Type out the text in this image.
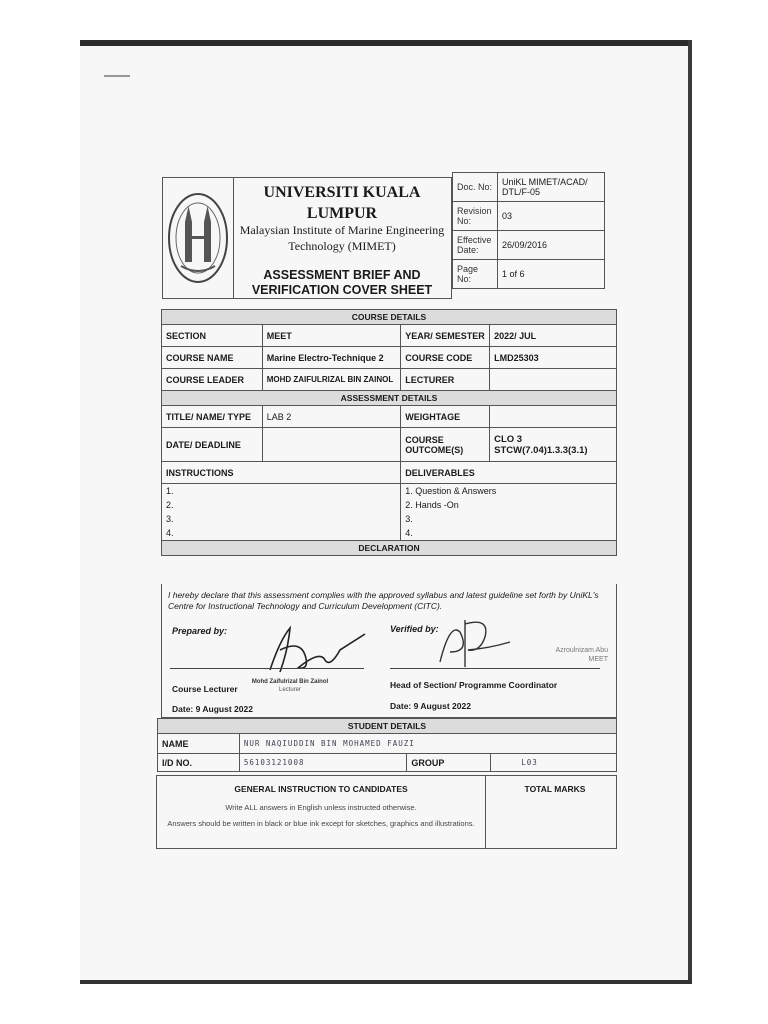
UNIVERSITI KUALA LUMPUR
Malaysian Institute of Marine Engineering Technology (MIMET)
ASSESSMENT BRIEF AND VERIFICATION COVER SHEET
Doc. No:	UniKL MIMET/ACAD/ DTL/F-05
Revision No:	03
Effective Date:	26/09/2016
Page No:	1 of 6
COURSE DETAILS			
SECTION	MEET	YEAR/ SEMESTER	2022/ JUL
COURSE NAME	Marine Electro-Technique 2	COURSE CODE	LMD25303
COURSE LEADER	MOHD ZAIFULRIZAL BIN ZAINOL	LECTURER	
ASSESSMENT DETAILS			
TITLE/ NAME/ TYPE	LAB 2	WEIGHTAGE	
DATE/ DEADLINE		COURSE OUTCOME(S)	CLO 3
STCW(7.04)1.3.3(3.1)

INSTRUCTIONS		DELIVERABLES	
1.		1. Question & Answers	
2.		2. Hands -On	
3.		3.	
4.		4.	
DECLARATION			
I hereby declare that this assessment complies with the approved syllabus and latest guideline set forth by UniKL's Centre for Instructional Technology and Curriculum Development (CITC).
Prepared by:	Verified by:
Azroulnizam Abu
MEET
Course Lecturer
Mohd Zaifulrizal Bin Zainol
Lecturer	Head of Section/ Programme Coordinator
Date: 9 August 2022	Date: 9 August 2022
STUDENT DETAILS			
NAME	NUR NAQIUDDIN BIN MOHAMED FAUZI		
I/D NO.	56103121008	GROUP	L03
GENERAL INSTRUCTION TO CANDIDATES
Write ALL answers in English unless instructed otherwise.
Answers should be written in black or blue ink except for sketches, graphics and illustrations.
TOTAL MARKS
